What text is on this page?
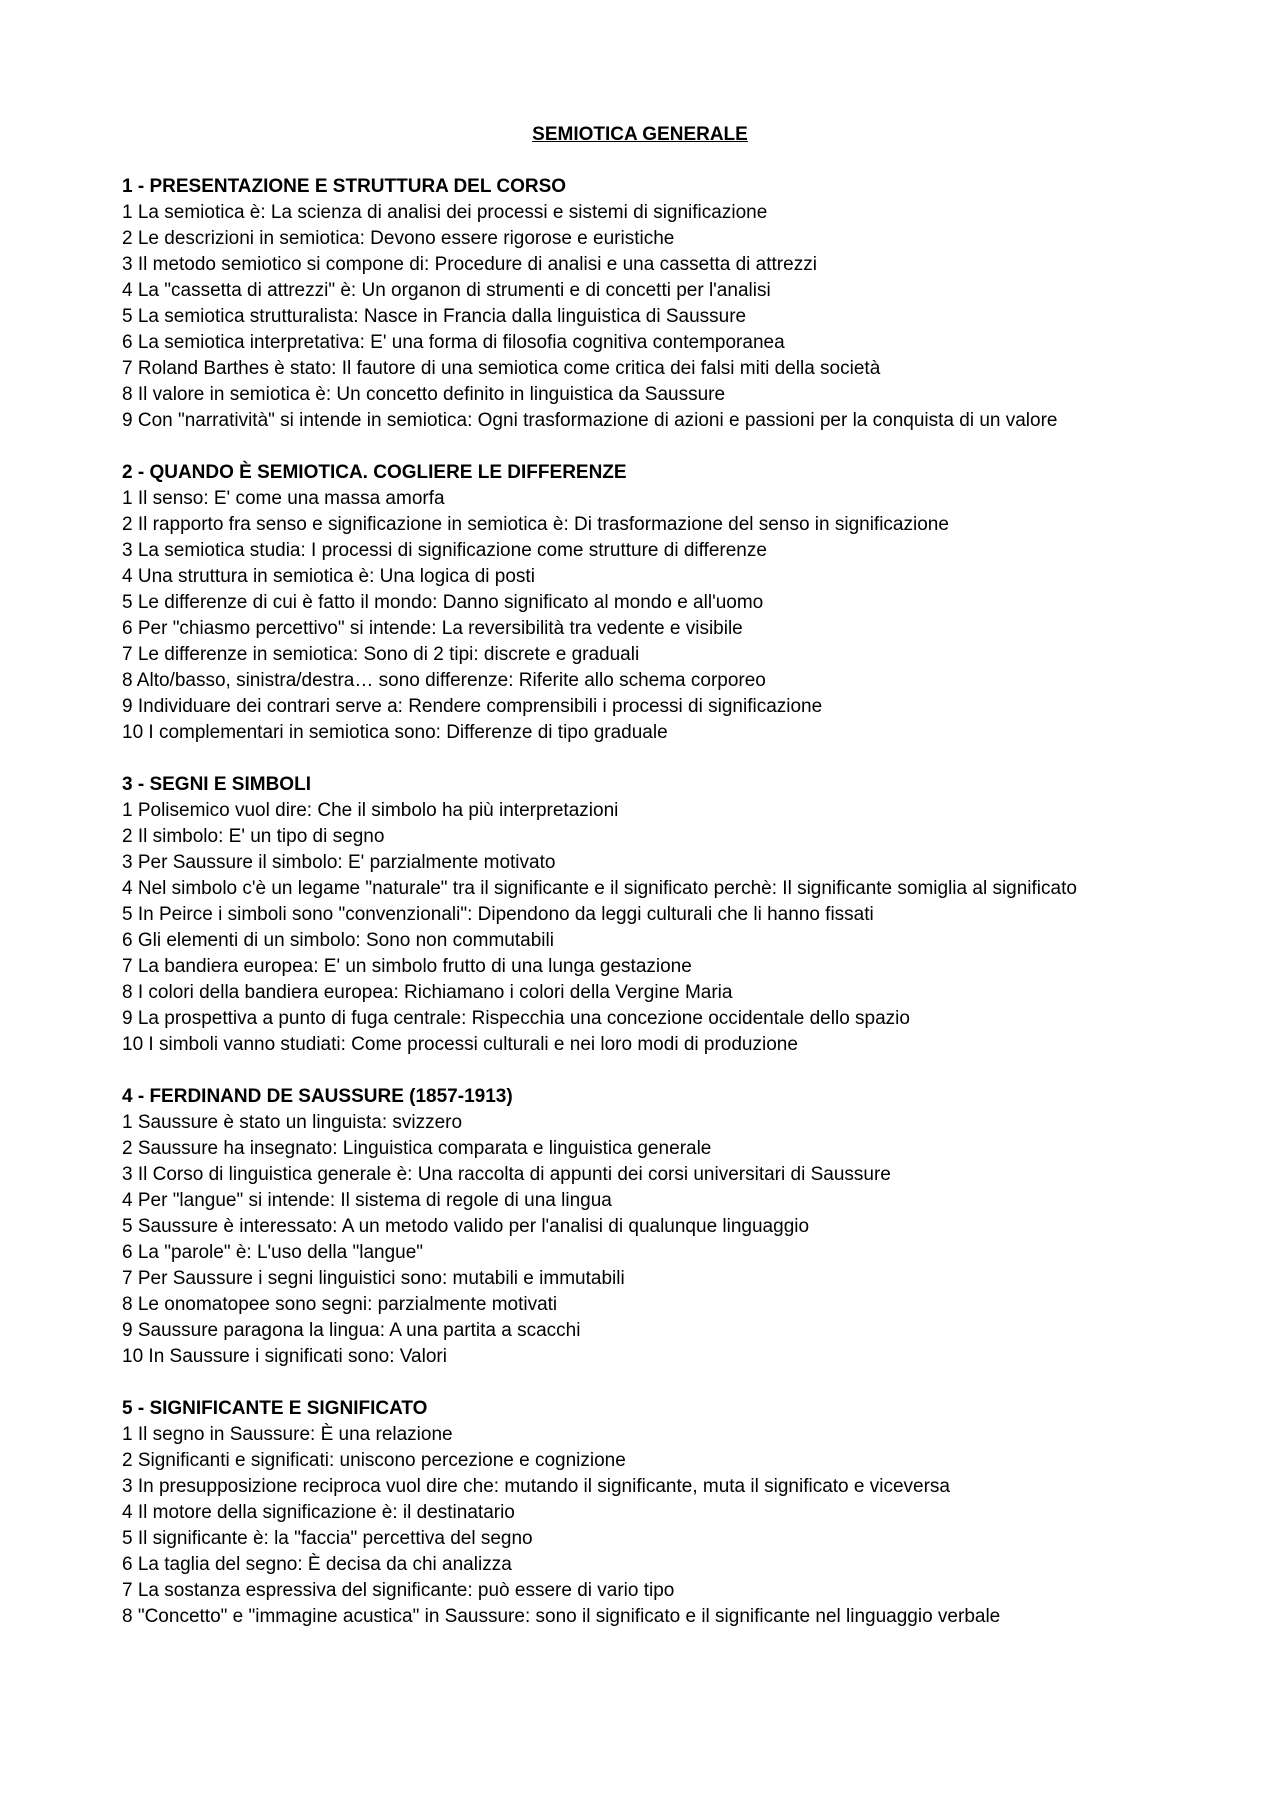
SEMIOTICA GENERALE
1 - PRESENTAZIONE E STRUTTURA DEL CORSO
1 La semiotica è: La scienza di analisi dei processi e sistemi di significazione
2 Le descrizioni in semiotica: Devono essere rigorose e euristiche
3 Il metodo semiotico si compone di: Procedure di analisi e una cassetta di attrezzi
4 La "cassetta di attrezzi" è: Un organon di strumenti e di concetti per l'analisi
5 La semiotica strutturalista: Nasce in Francia dalla linguistica di Saussure
6 La semiotica interpretativa: E' una forma di filosofia cognitiva contemporanea
7 Roland Barthes è stato: Il fautore di una semiotica come critica dei falsi miti della società
8 Il valore in semiotica è: Un concetto definito in linguistica da Saussure
9 Con "narratività" si intende in semiotica: Ogni trasformazione di azioni e passioni per la conquista di un valore
2 - QUANDO È SEMIOTICA. COGLIERE LE DIFFERENZE
1 Il senso: E' come una massa amorfa
2 Il rapporto fra senso e significazione in semiotica è: Di trasformazione del senso in significazione
3 La semiotica studia: I processi di significazione come strutture di differenze
4 Una struttura in semiotica è: Una logica di posti
5 Le differenze di cui è fatto il mondo: Danno significato al mondo e all'uomo
6 Per "chiasmo percettivo" si intende: La reversibilità tra vedente e visibile
7 Le differenze in semiotica: Sono di 2 tipi: discrete e graduali
8 Alto/basso, sinistra/destra… sono differenze: Riferite allo schema corporeo
9 Individuare dei contrari serve a: Rendere comprensibili i processi di significazione
10 I complementari in semiotica sono: Differenze di tipo graduale
3 - SEGNI E SIMBOLI
1 Polisemico vuol dire: Che il simbolo ha più interpretazioni
2 Il simbolo: E' un tipo di segno
3 Per Saussure il simbolo: E' parzialmente motivato
4 Nel simbolo c'è un legame "naturale" tra il significante e il significato perchè: Il significante somiglia al significato
5 In Peirce i simboli sono "convenzionali": Dipendono da leggi culturali che li hanno fissati
6 Gli elementi di un simbolo: Sono non commutabili
7 La bandiera europea: E' un simbolo frutto di una lunga gestazione
8 I colori della bandiera europea: Richiamano i colori della Vergine Maria
9 La prospettiva a punto di fuga centrale: Rispecchia una concezione occidentale dello spazio
10 I simboli vanno studiati: Come processi culturali e nei loro modi di produzione
4 - FERDINAND DE SAUSSURE (1857-1913)
1 Saussure è stato un linguista: svizzero
2 Saussure ha insegnato: Linguistica comparata e linguistica generale
3 Il Corso di linguistica generale è: Una raccolta di appunti dei corsi universitari di Saussure
4 Per "langue" si intende: Il sistema di regole di una lingua
5 Saussure è interessato: A un metodo valido per l'analisi di qualunque linguaggio
6 La "parole" è: L'uso della "langue"
7 Per Saussure i segni linguistici sono: mutabili e immutabili
8 Le onomatopee sono segni: parzialmente motivati
9 Saussure paragona la lingua: A una partita a scacchi
10 In Saussure i significati sono: Valori
5 - SIGNIFICANTE E SIGNIFICATO
1 Il segno in Saussure: È una relazione
2 Significanti e significati: uniscono percezione e cognizione
3 In presupposizione reciproca vuol dire che: mutando il significante, muta il significato e viceversa
4 Il motore della significazione è: il destinatario
5 Il significante è: la "faccia" percettiva del segno
6 La taglia del segno: È decisa da chi analizza
7 La sostanza espressiva del significante: può essere di vario tipo
8 "Concetto" e "immagine acustica" in Saussure: sono il significato e il significante nel linguaggio verbale
